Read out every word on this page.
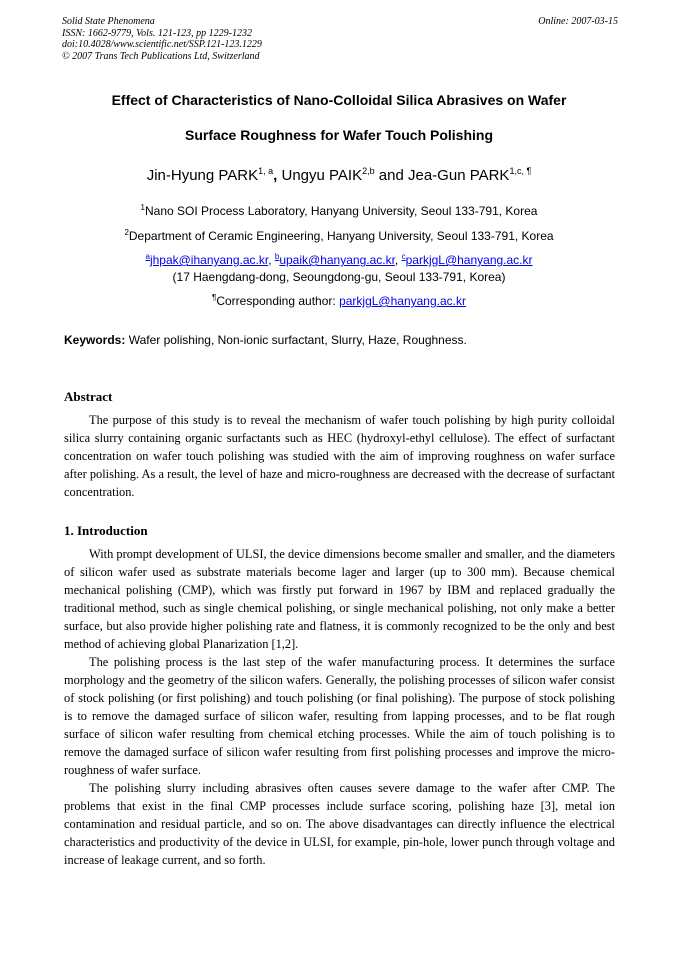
Solid State Phenomena
ISSN: 1662-9779, Vols. 121-123, pp 1229-1232
doi:10.4028/www.scientific.net/SSP.121-123.1229
© 2007 Trans Tech Publications Ltd, Switzerland
Online: 2007-03-15
Effect of Characteristics of Nano-Colloidal Silica Abrasives on Wafer
Surface Roughness for Wafer Touch Polishing
Jin-Hyung PARK$^{1, a}$, Ungyu PAIK$^{2,b}$ and Jea-Gun $PARK^{1,c, \P}$
$^1$Nano SOI Process Laboratory, Hanyang University, Seoul 133-791, Korea
$^2$Department of Ceramic Engineering, Hanyang University, Seoul 133-791, Korea
$^a$jhpak@ihanyang.ac.kr, $^b$upaik@hanyang.ac.kr, $^c$parkjgL@hanyang.ac.kr
(17 Haengdang-dong, Seoungdong-gu, Seoul 133-791, Korea)
¶Corresponding author: parkjgL@hanyang.ac.kr
Keywords: Wafer polishing, Non-ionic surfactant, Slurry, Haze, Roughness.
Abstract

The purpose of this study is to reveal the mechanism of wafer touch polishing by high purity colloidal silica slurry containing organic surfactants such as HEC (hydroxyl-ethyl cellulose). The effect of surfactant concentration on wafer touch polishing was studied with the aim of improving roughness on wafer surface after polishing. As a result, the level of haze and micro-roughness are decreased with the decrease of surfactant concentration.

1. Introduction

With prompt development of ULSI, the device dimensions become smaller and smaller, and the diameters of silicon wafer used as substrate materials become lager and larger (up to 300 mm). Because chemical mechanical polishing (CMP), which was firstly put forward in 1967 by IBM and replaced gradually the traditional method, such as single chemical polishing, or single mechanical polishing, not only make a better surface, but also provide higher polishing rate and flatness, it is commonly recognized to be the only and best method of achieving global Planarization [1,2].

The polishing process is the last step of the wafer manufacturing process. It determines the surface morphology and the geometry of the silicon wafers. Generally, the polishing processes of silicon wafer consist of stock polishing (or first polishing) and touch polishing (or final polishing). The purpose of stock polishing is to remove the damaged surface of silicon wafer, resulting from lapping processes, and to be flat rough surface of silicon wafer resulting from chemical etching processes. While the aim of touch polishing is to remove the damaged surface of silicon wafer resulting from first polishing processes and improve the micro-roughness of wafer surface.

The polishing slurry including abrasives often causes severe damage to the wafer after CMP. The problems that exist in the final CMP processes include surface scoring, polishing haze [3], metal ion contamination and residual particle, and so on. The above disadvantages can directly influence the electrical characteristics and productivity of the device in ULSI, for example, pin-hole, lower punch through voltage and increase of leakage current, and so forth.
